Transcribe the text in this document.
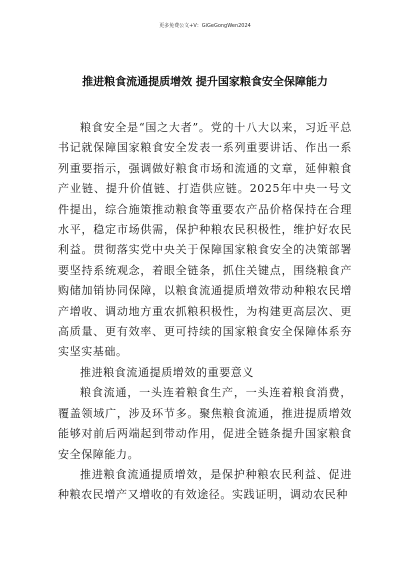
更多免费公文+V：GiGeGongWen2024
推进粮食流通提质增效 提升国家粮食安全保障能力

粮食安全是“国之大者”。党的十八大以来，习近平总书记就保障国家粮食安全发表一系列重要讲话、作出一系列重要指示，强调做好粮食市场和流通的文章，延伸粮食产业链、提升价值链、打造供应链。2025年中央一号文件提出，综合施策推动粮食等重要农产品价格保持在合理水平，稳定市场供需，保护种粮农民积极性，维护好农民利益。贯彻落实党中央关于保障国家粮食安全的决策部署要坚持系统观念，着眼全链条，抓住关键点，围绕粮食产购储加销协同保障，以粮食流通提质增效带动种粮农民增产增收、调动地方重农抓粮积极性，为构建更高层次、更高质量、更有效率、更可持续的国家粮食安全保障体系夯实坚实基础。

推进粮食流通提质增效的重要意义

粮食流通，一头连着粮食生产，一头连着粮食消费，覆盖领域广，涉及环节多。聚焦粮食流通，推进提质增效能够对前后两端起到带动作用，促进全链条提升国家粮食安全保障能力。

推进粮食流通提质增效，是保护种粮农民利益、促进种粮农民增产又增收的有效途径。实践证明，调动农民种
